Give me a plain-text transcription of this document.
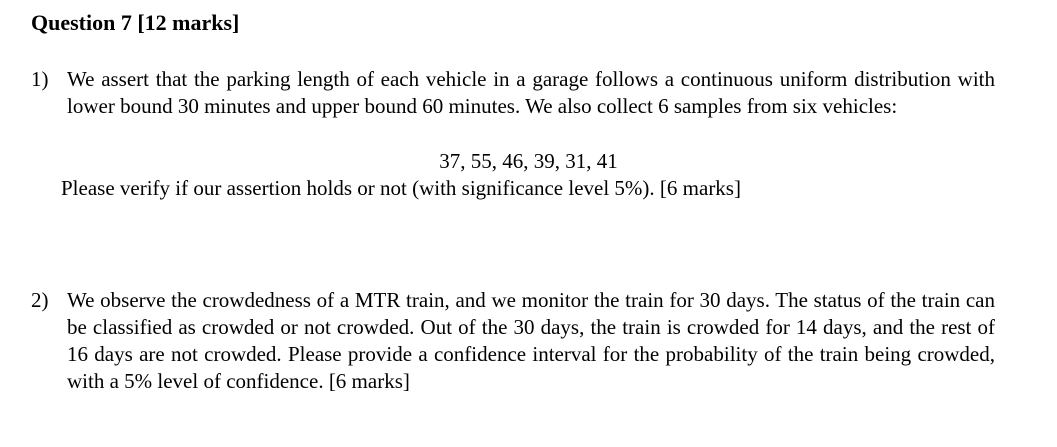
Question 7 [12 marks]
1) We assert that the parking length of each vehicle in a garage follows a continuous uniform distribution with lower bound 30 minutes and upper bound 60 minutes. We also collect 6 samples from six vehicles:
37, 55, 46, 39, 31, 41
Please verify if our assertion holds or not (with significance level 5%). [6 marks]
2) We observe the crowdedness of a MTR train, and we monitor the train for 30 days. The status of the train can be classified as crowded or not crowded. Out of the 30 days, the train is crowded for 14 days, and the rest of 16 days are not crowded. Please provide a confidence interval for the probability of the train being crowded, with a 5% level of confidence. [6 marks]
